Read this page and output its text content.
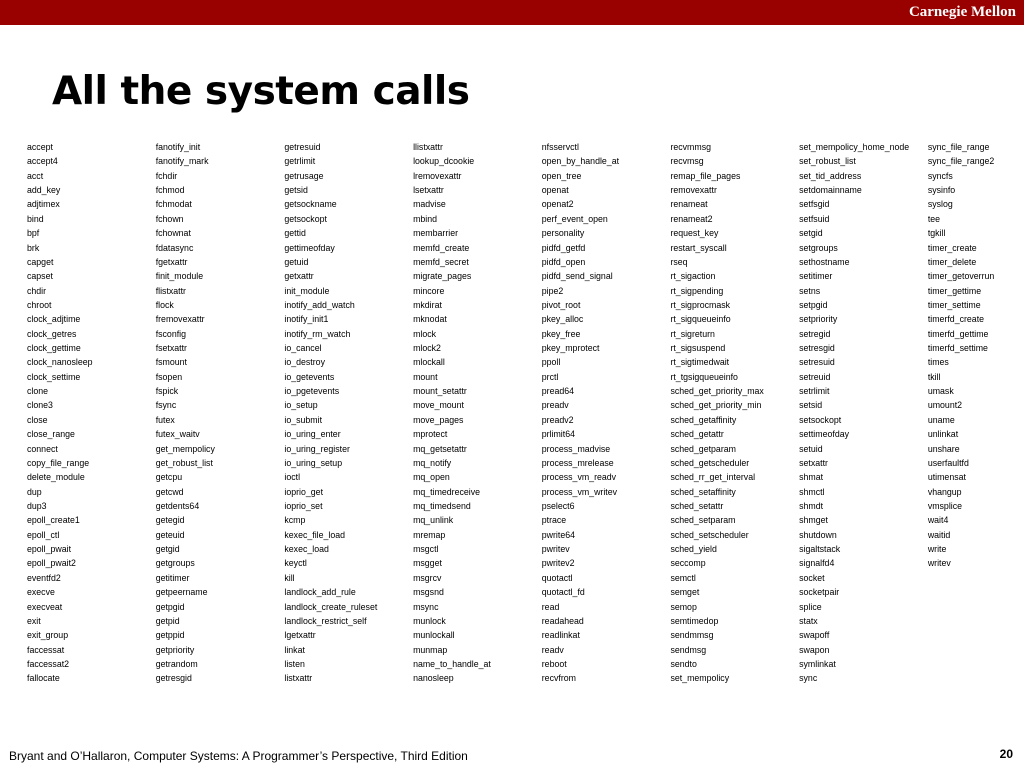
Carnegie Mellon
All the system calls
accept
accept4
acct
add_key
adjtimex
bind
bpf
brk
capget
capset
chdir
chroot
clock_adjtime
clock_getres
clock_gettime
clock_nanosleep
clock_settime
clone
clone3
close
close_range
connect
copy_file_range
delete_module
dup
dup3
epoll_create1
epoll_ctl
epoll_pwait
epoll_pwait2
eventfd2
execve
execveat
exit
exit_group
faccessat
faccessat2
fallocate
fanotify_init
fanotify_mark
fchdir
fchmod
fchmodat
fchown
fchownat
fdatasync
fgetxattr
finit_module
flistxattr
flock
fremovexattr
fsconfig
fsetxattr
fsmount
fsopen
fspick
fsync
futex
futex_waitv
get_mempolicy
get_robust_list
getcpu
getcwd
getdents64
getegid
geteuid
getgid
getgroups
getitimer
getpeername
getpgid
getpid
getppid
getpriority
getrandom
getresgid
getresuid
getrlimit
getrusage
getsid
getsockname
getsockopt
gettid
gettimeofday
getuid
getxattr
init_module
inotify_add_watch
inotify_init1
inotify_rm_watch
io_cancel
io_destroy
io_getevents
io_pgetevents
io_setup
io_submit
io_uring_enter
io_uring_register
io_uring_setup
ioctl
ioprio_get
ioprio_set
kcmp
kexec_file_load
kexec_load
keyctl
kill
landlock_add_rule
landlock_create_ruleset
landlock_restrict_self
lgetxattr
linkat
listen
listxattr
llistxattr
lookup_dcookie
lremovexattr
lsetxattr
madvise
mbind
membarrier
memfd_create
memfd_secret
migrate_pages
mincore
mkdirat
mknodat
mlock
mlock2
mlockall
mount
mount_setattr
move_mount
move_pages
mprotect
mq_getsetattr
mq_notify
mq_open
mq_timedreceive
mq_timedsend
mq_unlink
mremap
msgctl
msgget
msgrcv
msgsnd
msync
munlock
munlockall
munmap
name_to_handle_at
nanosleep
nfsservctl
open_by_handle_at
open_tree
openat
openat2
perf_event_open
personality
pidfd_getfd
pidfd_open
pidfd_send_signal
pipe2
pivot_root
pkey_alloc
pkey_free
pkey_mprotect
ppoll
prctl
pread64
preadv
preadv2
prlimit64
process_madvise
process_mrelease
process_vm_readv
process_vm_writev
pselect6
ptrace
pwrite64
pwritev
pwritev2
quotactl
quotactl_fd
read
readahead
readlinkat
readv
reboot
recvfrom
recvmmsg
recvmsg
remap_file_pages
removexattr
renameat
renameat2
request_key
restart_syscall
rseq
rt_sigaction
rt_sigpending
rt_sigprocmask
rt_sigqueueinfo
rt_sigreturn
rt_sigsuspend
rt_sigtimedwait
rt_tgsigqueueinfo
sched_get_priority_max
sched_get_priority_min
sched_getaffinity
sched_getattr
sched_getparam
sched_getscheduler
sched_rr_get_interval
sched_setaffinity
sched_setattr
sched_setparam
sched_setscheduler
sched_yield
seccomp
semctl
semget
semop
semtimedop
sendmmsg
sendmsg
sendto
set_mempolicy
set_mempolicy_home_node
set_robust_list
set_tid_address
setdomainname
setfsgid
setfsuid
setgid
setgroups
sethostname
setitimer
setns
setpgid
setpriority
setregid
setresgid
setresuid
setreuid
setrlimit
setsid
setsockopt
settimeofday
setuid
setxattr
shmat
shmctl
shmdt
shmget
shutdown
sigaltstack
signalfd4
socket
socketpair
splice
statx
swapoff
swapon
symlinkat
sync
sync_file_range
sync_file_range2
syncfs
sysinfo
syslog
tee
tgkill
timer_create
timer_delete
timer_getoverrun
timer_gettime
timer_settime
timerfd_create
timerfd_gettime
timerfd_settime
times
tkill
umask
umount2
uname
unlinkat
unshare
userfaultfd
utimensat
vhangup
vmsplice
wait4
waitid
write
writev
Bryant and O’Hallaron, Computer Systems: A Programmer’s Perspective, Third Edition	20
